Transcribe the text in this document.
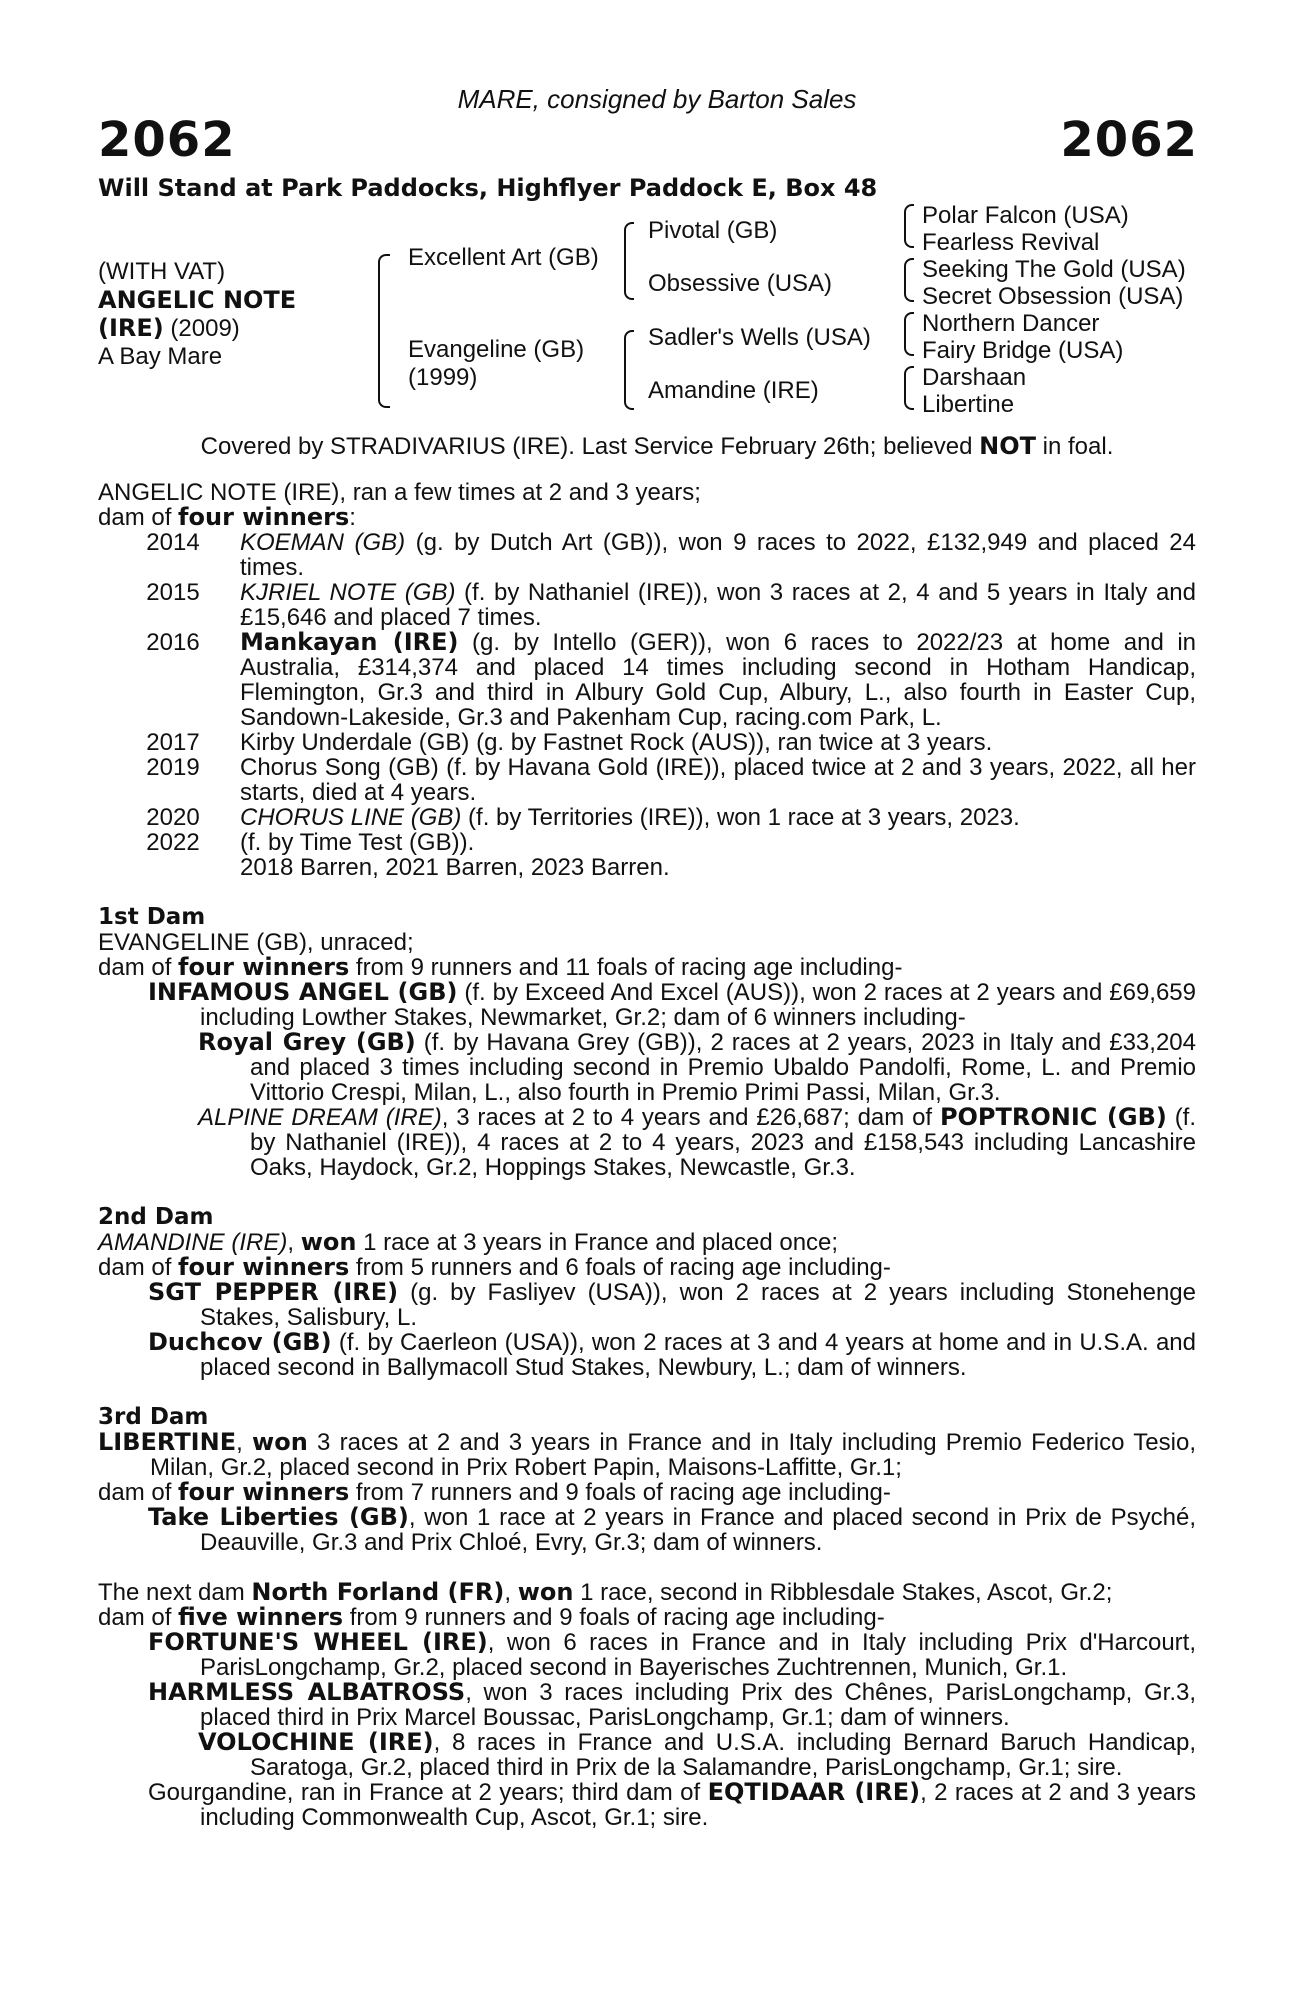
MARE, consigned by Barton Sales
2062	2062
Will Stand at Park Paddocks, Highflyer Paddock E, Box 48
(WITH VAT)
ANGELIC NOTE
(IRE) (2009)
A Bay Mare
Excellent Art (GB)
Evangeline (GB)
(1999)
Pivotal (GB)
Obsessive (USA)
Sadler's Wells (USA)
Amandine (IRE)
Polar Falcon (USA)
Fearless Revival
Seeking The Gold (USA)
Secret Obsession (USA)
Northern Dancer
Fairy Bridge (USA)
Darshaan
Libertine
Covered by STRADIVARIUS (IRE). Last Service February 26th; believed NOT in foal.

ANGELIC NOTE (IRE), ran a few times at 2 and 3 years;

dam of four winners:

2014	KOEMAN (GB) (g. by Dutch Art (GB)), won 9 races to 2022, £132,949 and placed 24 times.
2015	KJRIEL NOTE (GB) (f. by Nathaniel (IRE)), won 3 races at 2, 4 and 5 years in Italy and £15,646 and placed 7 times.
2016	Mankayan (IRE) (g. by Intello (GER)), won 6 races to 2022/23 at home and in Australia, £314,374 and placed 14 times including second in Hotham Handicap, Flemington, Gr.3 and third in Albury Gold Cup, Albury, L., also fourth in Easter Cup, Sandown-Lakeside, Gr.3 and Pakenham Cup, racing.com Park, L.
2017	Kirby Underdale (GB) (g. by Fastnet Rock (AUS)), ran twice at 3 years.
2019	Chorus Song (GB) (f. by Havana Gold (IRE)), placed twice at 2 and 3 years, 2022, all her starts, died at 4 years.
2020	CHORUS LINE (GB) (f. by Territories (IRE)), won 1 race at 3 years, 2023.
2022	(f. by Time Test (GB)).
2018 Barren, 2021 Barren, 2023 Barren.
1st Dam

EVANGELINE (GB), unraced;

dam of four winners from 9 runners and 11 foals of racing age including-

INFAMOUS ANGEL (GB) (f. by Exceed And Excel (AUS)), won 2 races at 2 years and £69,659 including Lowther Stakes, Newmarket, Gr.2; dam of 6 winners including-

Royal Grey (GB) (f. by Havana Grey (GB)), 2 races at 2 years, 2023 in Italy and £33,204 and placed 3 times including second in Premio Ubaldo Pandolfi, Rome, L. and Premio Vittorio Crespi, Milan, L., also fourth in Premio Primi Passi, Milan, Gr.3.

ALPINE DREAM (IRE), 3 races at 2 to 4 years and £26,687; dam of POPTRONIC (GB) (f. by Nathaniel (IRE)), 4 races at 2 to 4 years, 2023 and £158,543 including Lancashire Oaks, Haydock, Gr.2, Hoppings Stakes, Newcastle, Gr.3.

2nd Dam

AMANDINE (IRE), won 1 race at 3 years in France and placed once;

dam of four winners from 5 runners and 6 foals of racing age including-

SGT PEPPER (IRE) (g. by Fasliyev (USA)), won 2 races at 2 years including Stonehenge Stakes, Salisbury, L.

Duchcov (GB) (f. by Caerleon (USA)), won 2 races at 3 and 4 years at home and in U.S.A. and placed second in Ballymacoll Stud Stakes, Newbury, L.; dam of winners.

3rd Dam

LIBERTINE, won 3 races at 2 and 3 years in France and in Italy including Premio Federico Tesio, Milan, Gr.2, placed second in Prix Robert Papin, Maisons-Laffitte, Gr.1;

dam of four winners from 7 runners and 9 foals of racing age including-

Take Liberties (GB), won 1 race at 2 years in France and placed second in Prix de Psyché, Deauville, Gr.3 and Prix Chloé, Evry, Gr.3; dam of winners.

The next dam North Forland (FR), won 1 race, second in Ribblesdale Stakes, Ascot, Gr.2;

dam of five winners from 9 runners and 9 foals of racing age including-

FORTUNE'S WHEEL (IRE), won 6 races in France and in Italy including Prix d'Harcourt, ParisLongchamp, Gr.2, placed second in Bayerisches Zuchtrennen, Munich, Gr.1.

HARMLESS ALBATROSS, won 3 races including Prix des Chênes, ParisLongchamp, Gr.3, placed third in Prix Marcel Boussac, ParisLongchamp, Gr.1; dam of winners.

VOLOCHINE (IRE), 8 races in France and U.S.A. including Bernard Baruch Handicap, Saratoga, Gr.2, placed third in Prix de la Salamandre, ParisLongchamp, Gr.1; sire.

Gourgandine, ran in France at 2 years; third dam of EQTIDAAR (IRE), 2 races at 2 and 3 years including Commonwealth Cup, Ascot, Gr.1; sire.
